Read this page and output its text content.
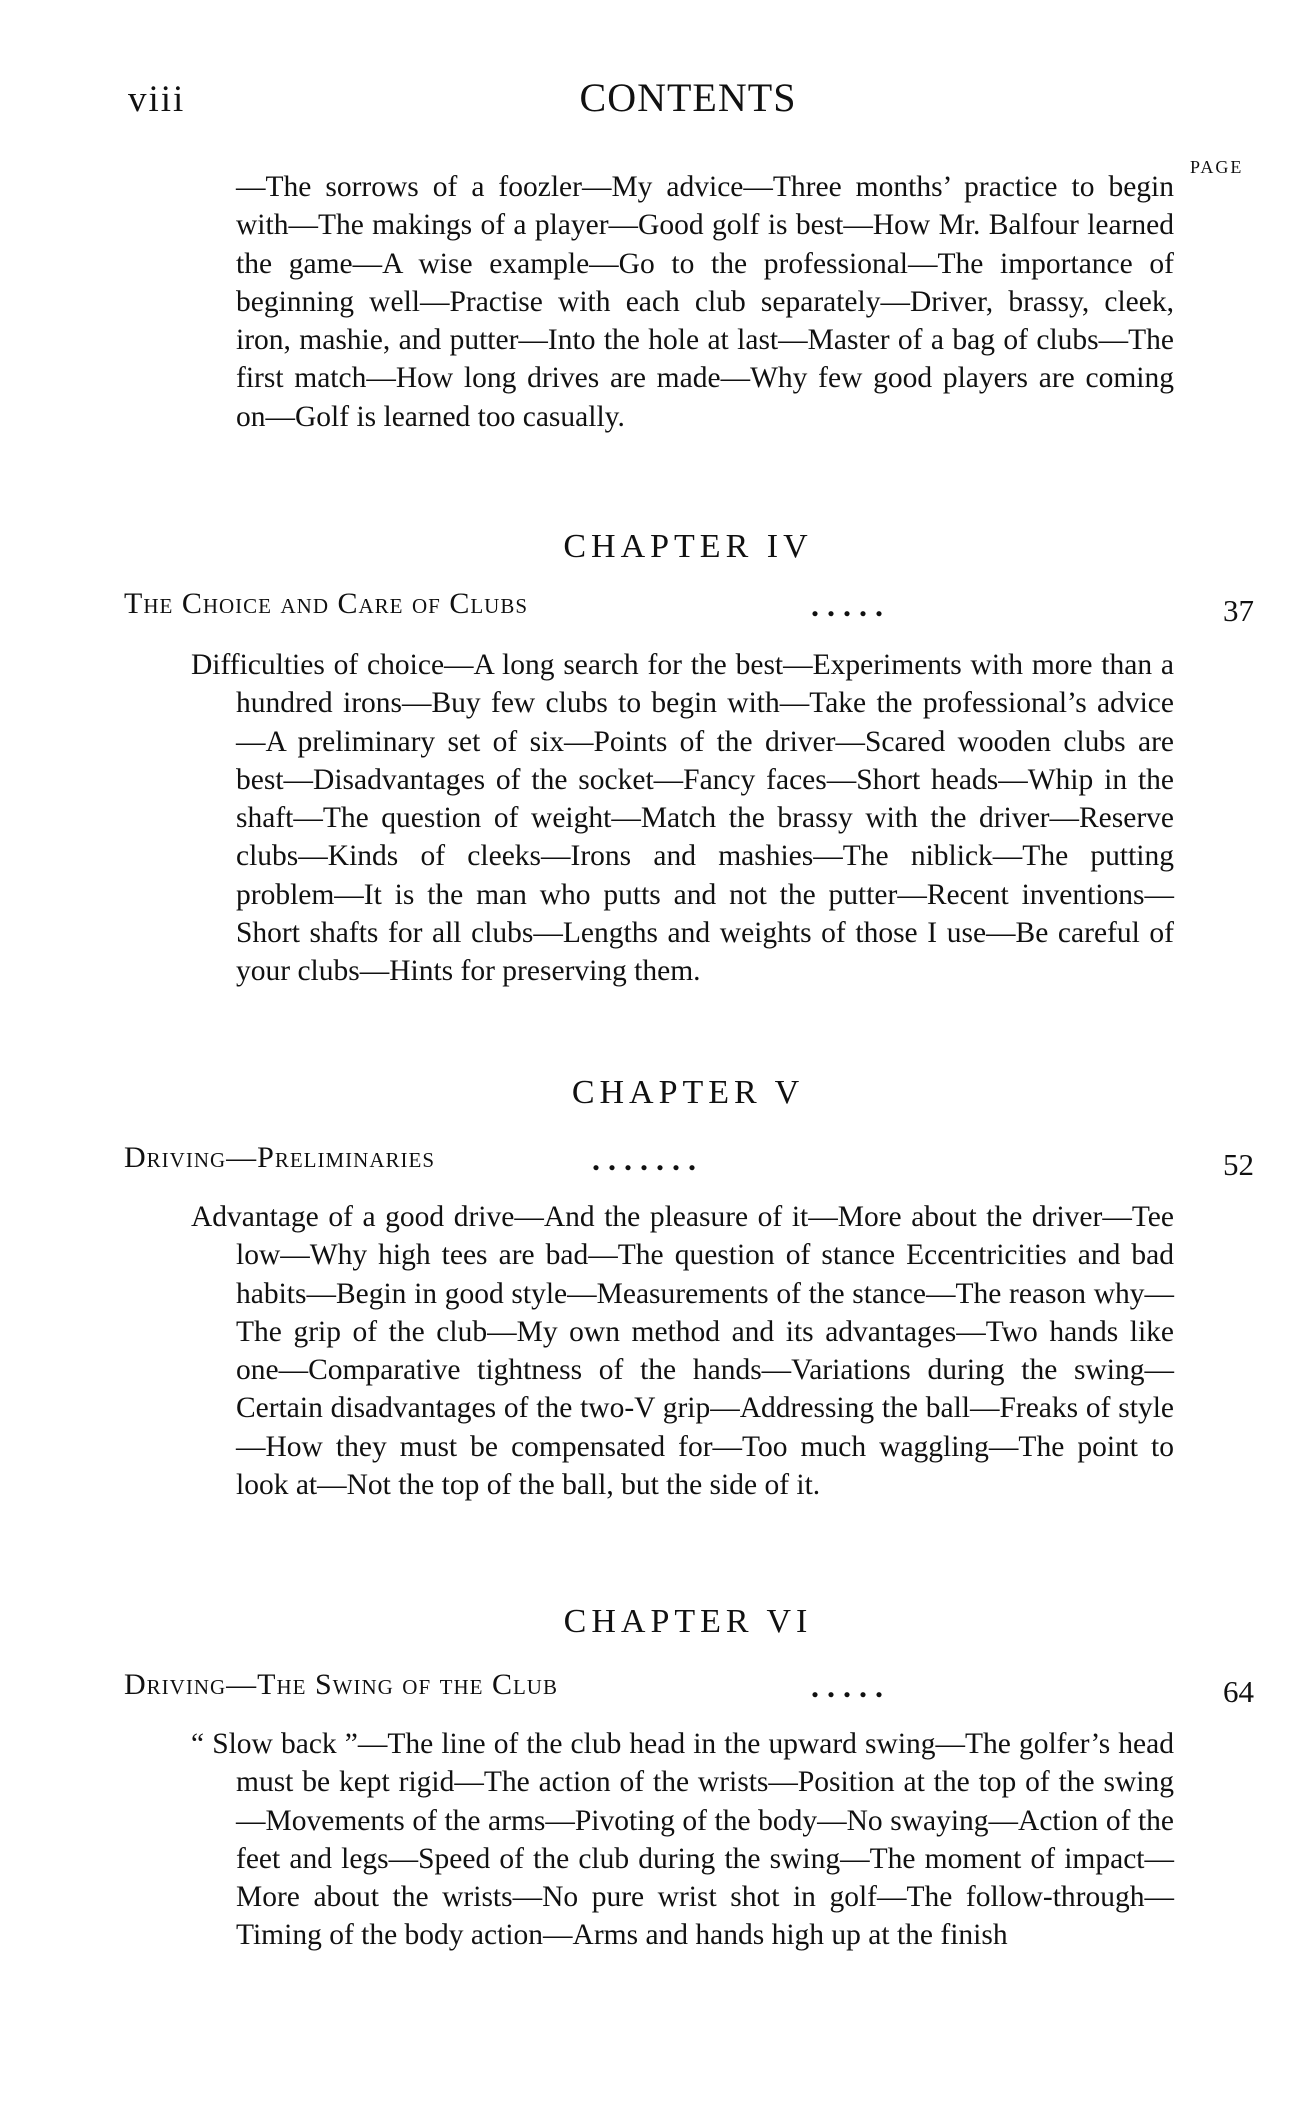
viii	CONTENTS
PAGE

—The sorrows of a foozler—My advice—Three months’ practice to begin with—The makings of a player—Good golf is best—How Mr. Balfour learned the game—A wise example—Go to the professional—The importance of beginning well—Practise with each club separately—Driver, brassy, cleek, iron, mashie, and putter—Into the hole at last—Master of a bag of clubs—The first match—How long drives are made—Why few good players are coming on—Golf is learned too casually.

CHAPTER IV
The Choice and Care of Clubs	. . . . .	37

Difficulties of choice—A long search for the best—Experiments with more than a hundred irons—Buy few clubs to begin with—Take the professional’s advice—A preliminary set of six—Points of the driver—Scared wooden clubs are best—Disadvantages of the socket—Fancy faces—Short heads—Whip in the shaft—The question of weight—Match the brassy with the driver—Reserve clubs—Kinds of cleeks—Irons and mashies—The niblick—The putting problem—It is the man who putts and not the putter—Recent inventions—Short shafts for all clubs—Lengths and weights of those I use—Be careful of your clubs—Hints for preserving them.

CHAPTER V
Driving—Preliminaries	. . . . . . .	52

Advantage of a good drive—And the pleasure of it—More about the driver—Tee low—Why high tees are bad—The question of stance Eccentricities and bad habits—Begin in good style—Measurements of the stance—The reason why—The grip of the club—My own method and its advantages—Two hands like one—Comparative tightness of the hands—Variations during the swing—Certain disadvantages of the two-V grip—Addressing the ball—Freaks of style—How they must be compensated for—Too much waggling—The point to look at—Not the top of the ball, but the side of it.

CHAPTER VI
Driving—The Swing of the Club	. . . . .	64

“ Slow back ”—The line of the club head in the upward swing—The golfer’s head must be kept rigid—The action of the wrists—Position at the top of the swing—Movements of the arms—Pivoting of the body—No swaying—Action of the feet and legs—Speed of the club during the swing—The moment of impact—More about the wrists—No pure wrist shot in golf—The follow-through—Timing of the body action—Arms and hands high up at the finish
